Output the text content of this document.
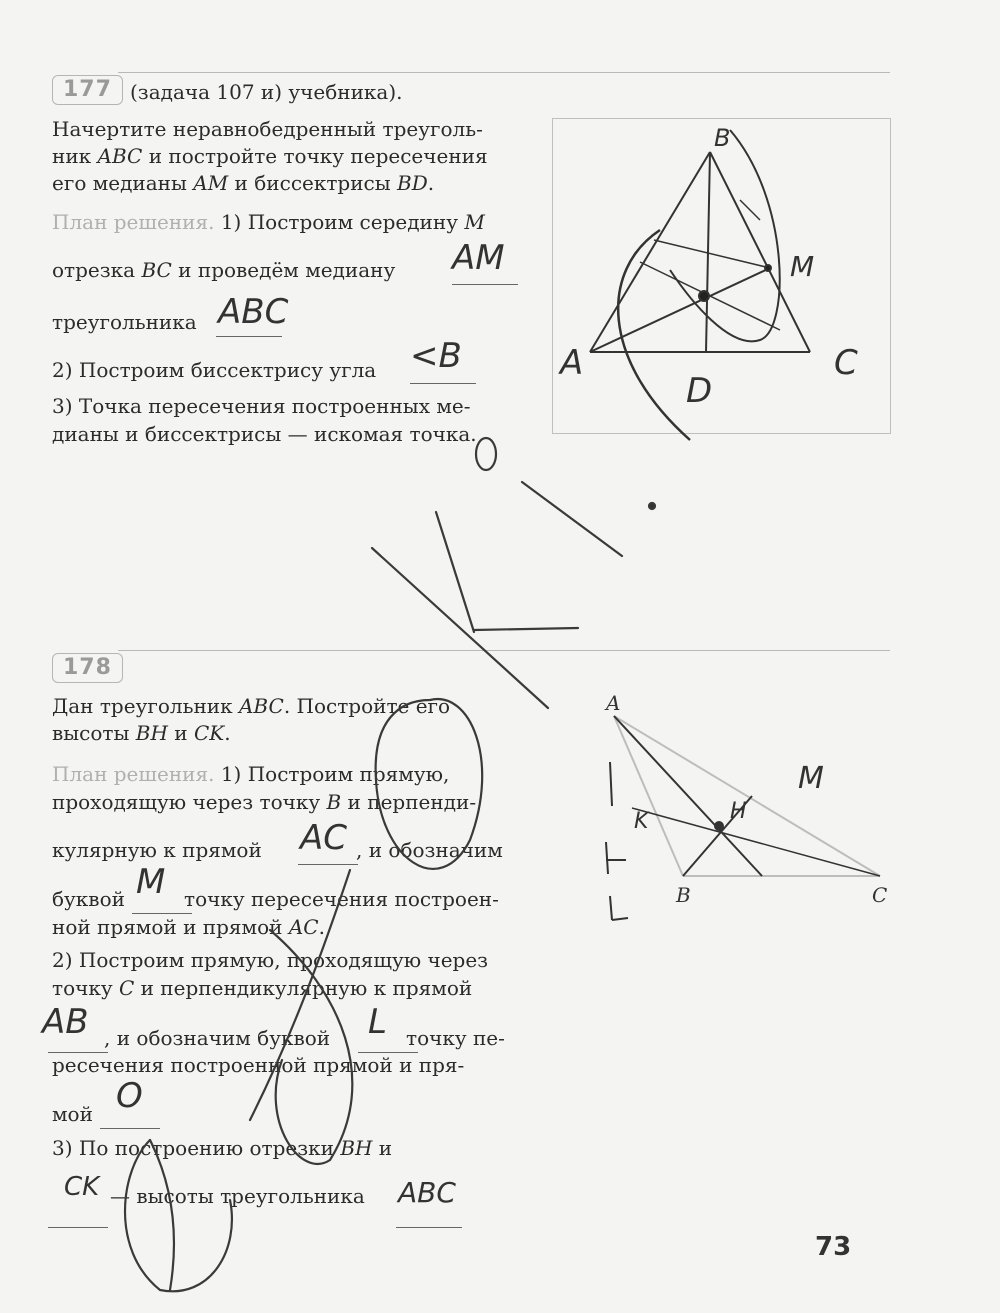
177 (задача 107 и) учебника).
Начертите неравнобедренный треуголь-
ник ABC и постройте точку пересечения
его медианы AM и биссектрисы BD.
План решения. 1) Построим середину M
отрезка BC и проведём медиану AM
треугольника ABC
2) Построим биссектрису угла <B
3) Точка пересечения построенных ме-
дианы и биссектрисы — искомая точка.
178
Дан треугольник ABC. Постройте его
высоты BH и CK.
План решения. 1) Построим прямую,
проходящую через точку B и перпенди-
кулярную к прямой AC , и обозначим
буквой M точку пересечения построен-
ной прямой и прямой AC.
2) Построим прямую, проходящую через
точку C и перпендикулярную к прямой
AB , и обозначим буквой L точку пе-
ресечения построенной прямой и пря-
мой O
3) По построению отрезки BH и
CK — высоты треугольника ABC
73
A
B
C
D
M
A
B	C
M
K	H
